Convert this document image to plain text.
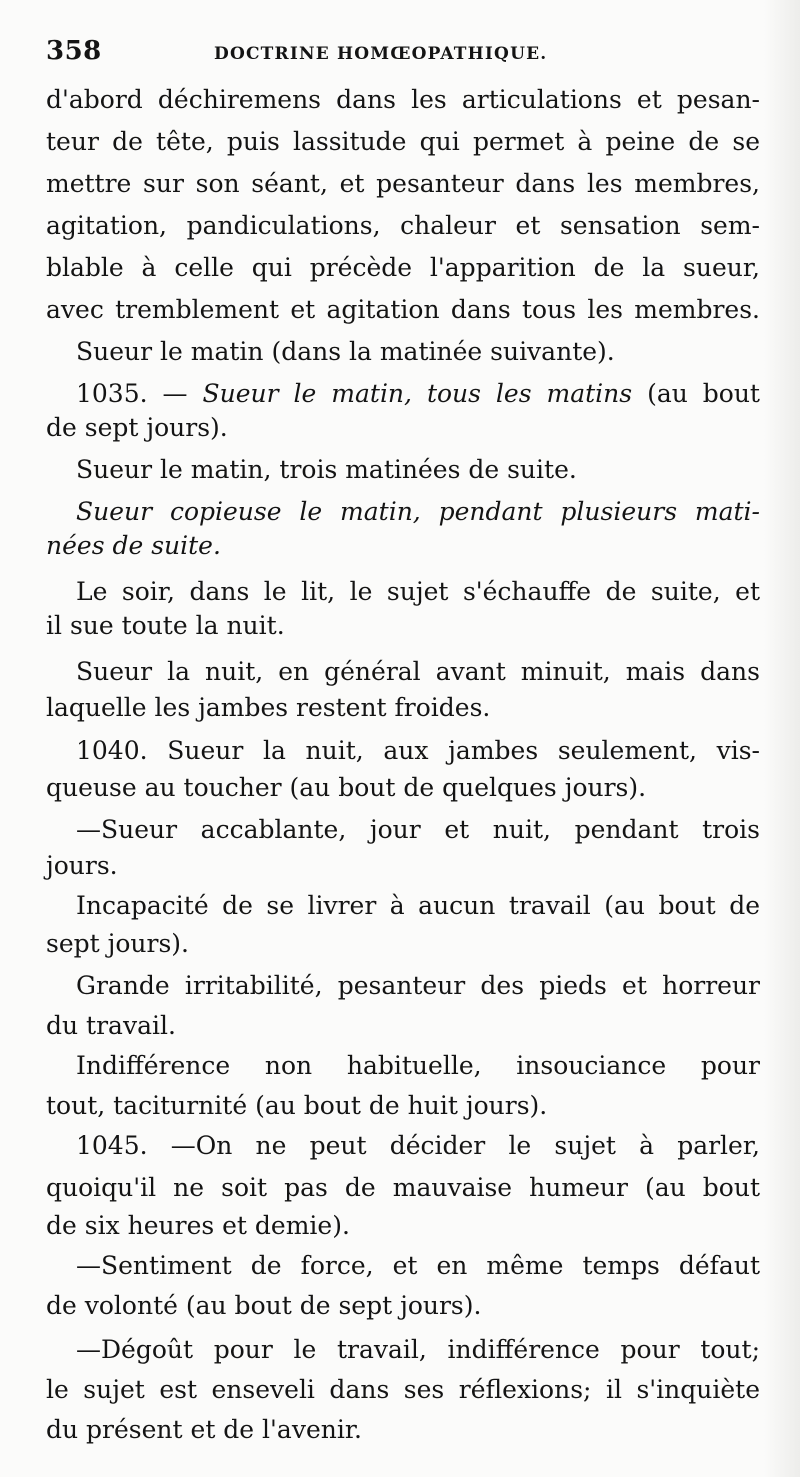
358	DOCTRINE HOMŒOPATHIQUE.
d'abord déchiremens dans les articulations et pesan-
teur de tête, puis lassitude qui permet à peine de se
mettre sur son séant, et pesanteur dans les membres,
agitation, pandiculations, chaleur et sensation sem-
blable à celle qui précède l'apparition de la sueur,
avec tremblement et agitation dans tous les membres.
Sueur le matin (dans la matinée suivante).
1035. — Sueur le matin, tous les matins (au bout
de sept jours).
Sueur le matin, trois matinées de suite.
Sueur copieuse le matin, pendant plusieurs mati-
nées de suite.
Le soir, dans le lit, le sujet s'échauffe de suite, et
il sue toute la nuit.
Sueur la nuit, en général avant minuit, mais dans
laquelle les jambes restent froides.
1040. Sueur la nuit, aux jambes seulement, vis-
queuse au toucher (au bout de quelques jours).
—Sueur accablante, jour et nuit, pendant trois
jours.
Incapacité de se livrer à aucun travail (au bout de
sept jours).
Grande irritabilité, pesanteur des pieds et horreur
du travail.
Indifférence non habituelle, insouciance pour
tout, taciturnité (au bout de huit jours).
1045. —On ne peut décider le sujet à parler,
quoiqu'il ne soit pas de mauvaise humeur (au bout
de six heures et demie).
—Sentiment de force, et en même temps défaut
de volonté (au bout de sept jours).
—Dégoût pour le travail, indifférence pour tout;
le sujet est enseveli dans ses réflexions; il s'inquiète
du présent et de l'avenir.
